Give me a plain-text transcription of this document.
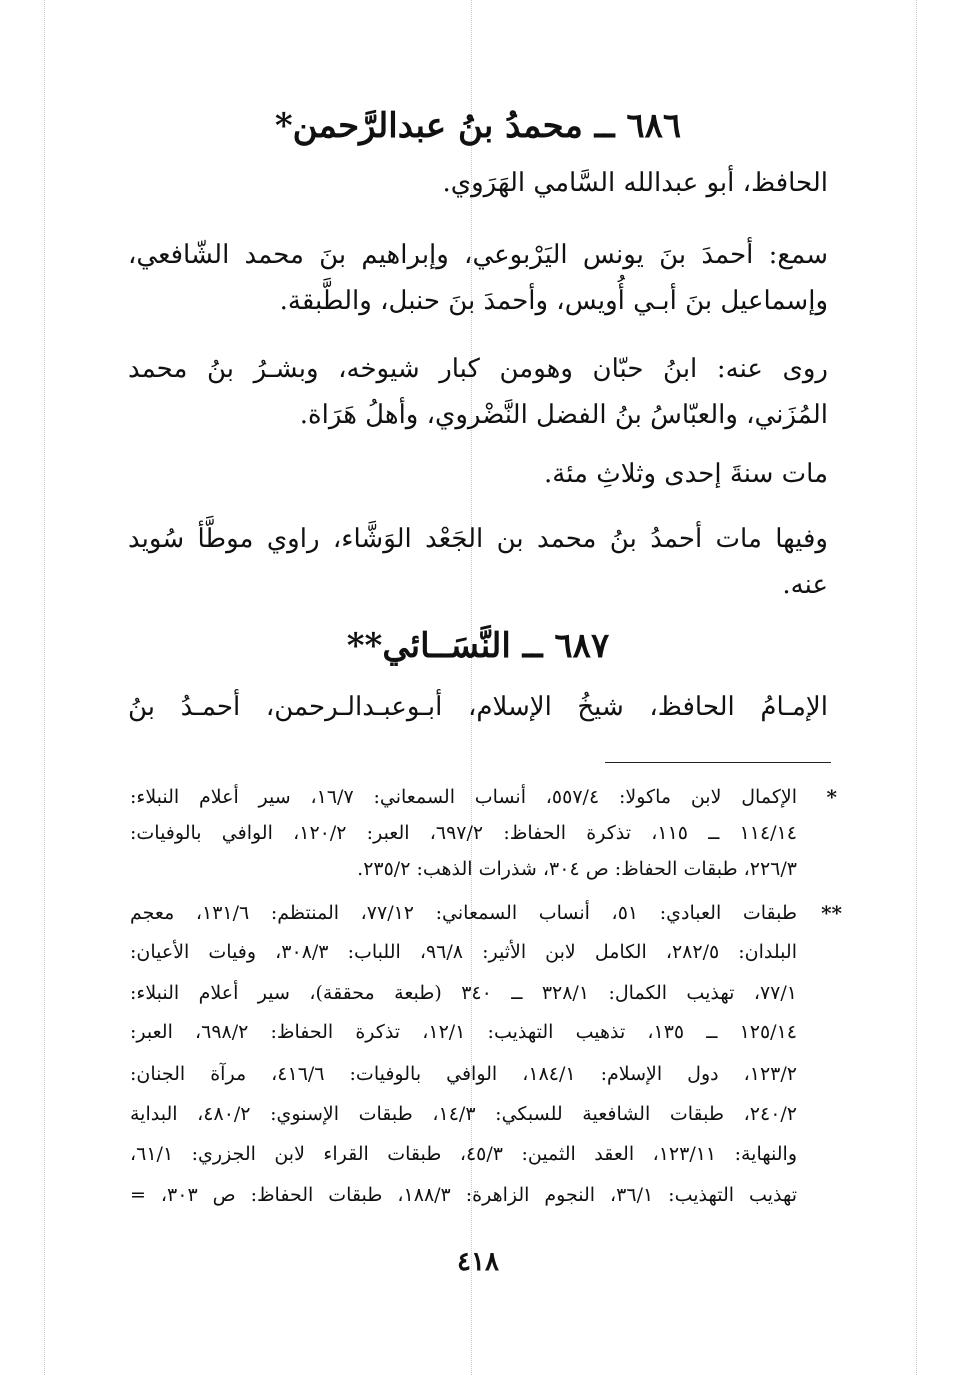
٦٨٦ ــ محمدُ بنُ عبدالرَّحمن*
الحافظ، أبو عبدالله السَّامي الهَرَوي.
سمع: أحمدَ بنَ يونس اليَرْبوعي، وإبراهيم بنَ محمد الشّافعي،
وإسماعيل بنَ أبـي أُويس، وأحمدَ بنَ حنبل، والطَّبقة.
روى عنه: ابنُ حبّان وهومن كبار شيوخه، وبشـرُ بنُ محمد
المُزَني، والعبّاسُ بنُ الفضل النَّضْروي، وأهلُ هَرَاة.
مات سنةَ إحدى وثلاثِ مئة.
وفيها مات أحمدُ بنُ محمد بن الجَعْد الوَشَّاء، راوي موطَّأ سُويد
عنه.
٦٨٧ ــ النَّسَــائي**
الإمـامُ الحافظ، شيخُ الإسلام، أبـوعبـدالـرحمن، أحمـدُ بنُ
*
الإكمال لابن ماكولا: ٥٥٧/٤، أنساب السمعاني: ١٦/٧، سير أعلام النبلاء:
١١٤/١٤ ــ ١١٥، تذكرة الحفاظ: ٦٩٧/٢، العبر: ١٢٠/٢، الوافي بالوفيات:
٢٢٦/٣، طبقات الحفاظ: ص ٣٠٤، شذرات الذهب: ٢٣٥/٢.
**
طبقات العبادي: ٥١، أنساب السمعاني: ٧٧/١٢، المنتظم: ١٣١/٦، معجم
البلدان: ٢٨٢/٥، الكامل لابن الأثير: ٩٦/٨، اللباب: ٣٠٨/٣، وفيات الأعيان:
٧٧/١، تهذيب الكمال: ٣٢٨/١ ــ ٣٤٠ (طبعة محققة)، سير أعلام النبلاء:
١٢٥/١٤ ــ ١٣٥، تذهيب التهذيب: ١٢/١، تذكرة الحفاظ: ٦٩٨/٢، العبر:
١٢٣/٢، دول الإسلام: ١٨٤/١، الوافي بالوفيات: ٤١٦/٦، مرآة الجنان:
٢٤٠/٢، طبقات الشافعية للسبكي: ١٤/٣، طبقات الإسنوي: ٤٨٠/٢، البداية
والنهاية: ١٢٣/١١، العقد الثمين: ٤٥/٣، طبقات القراء لابن الجزري: ٦١/١،
تهذيب التهذيب: ٣٦/١، النجوم الزاهرة: ١٨٨/٣، طبقات الحفاظ: ص ٣٠٣، =
٤١٨
